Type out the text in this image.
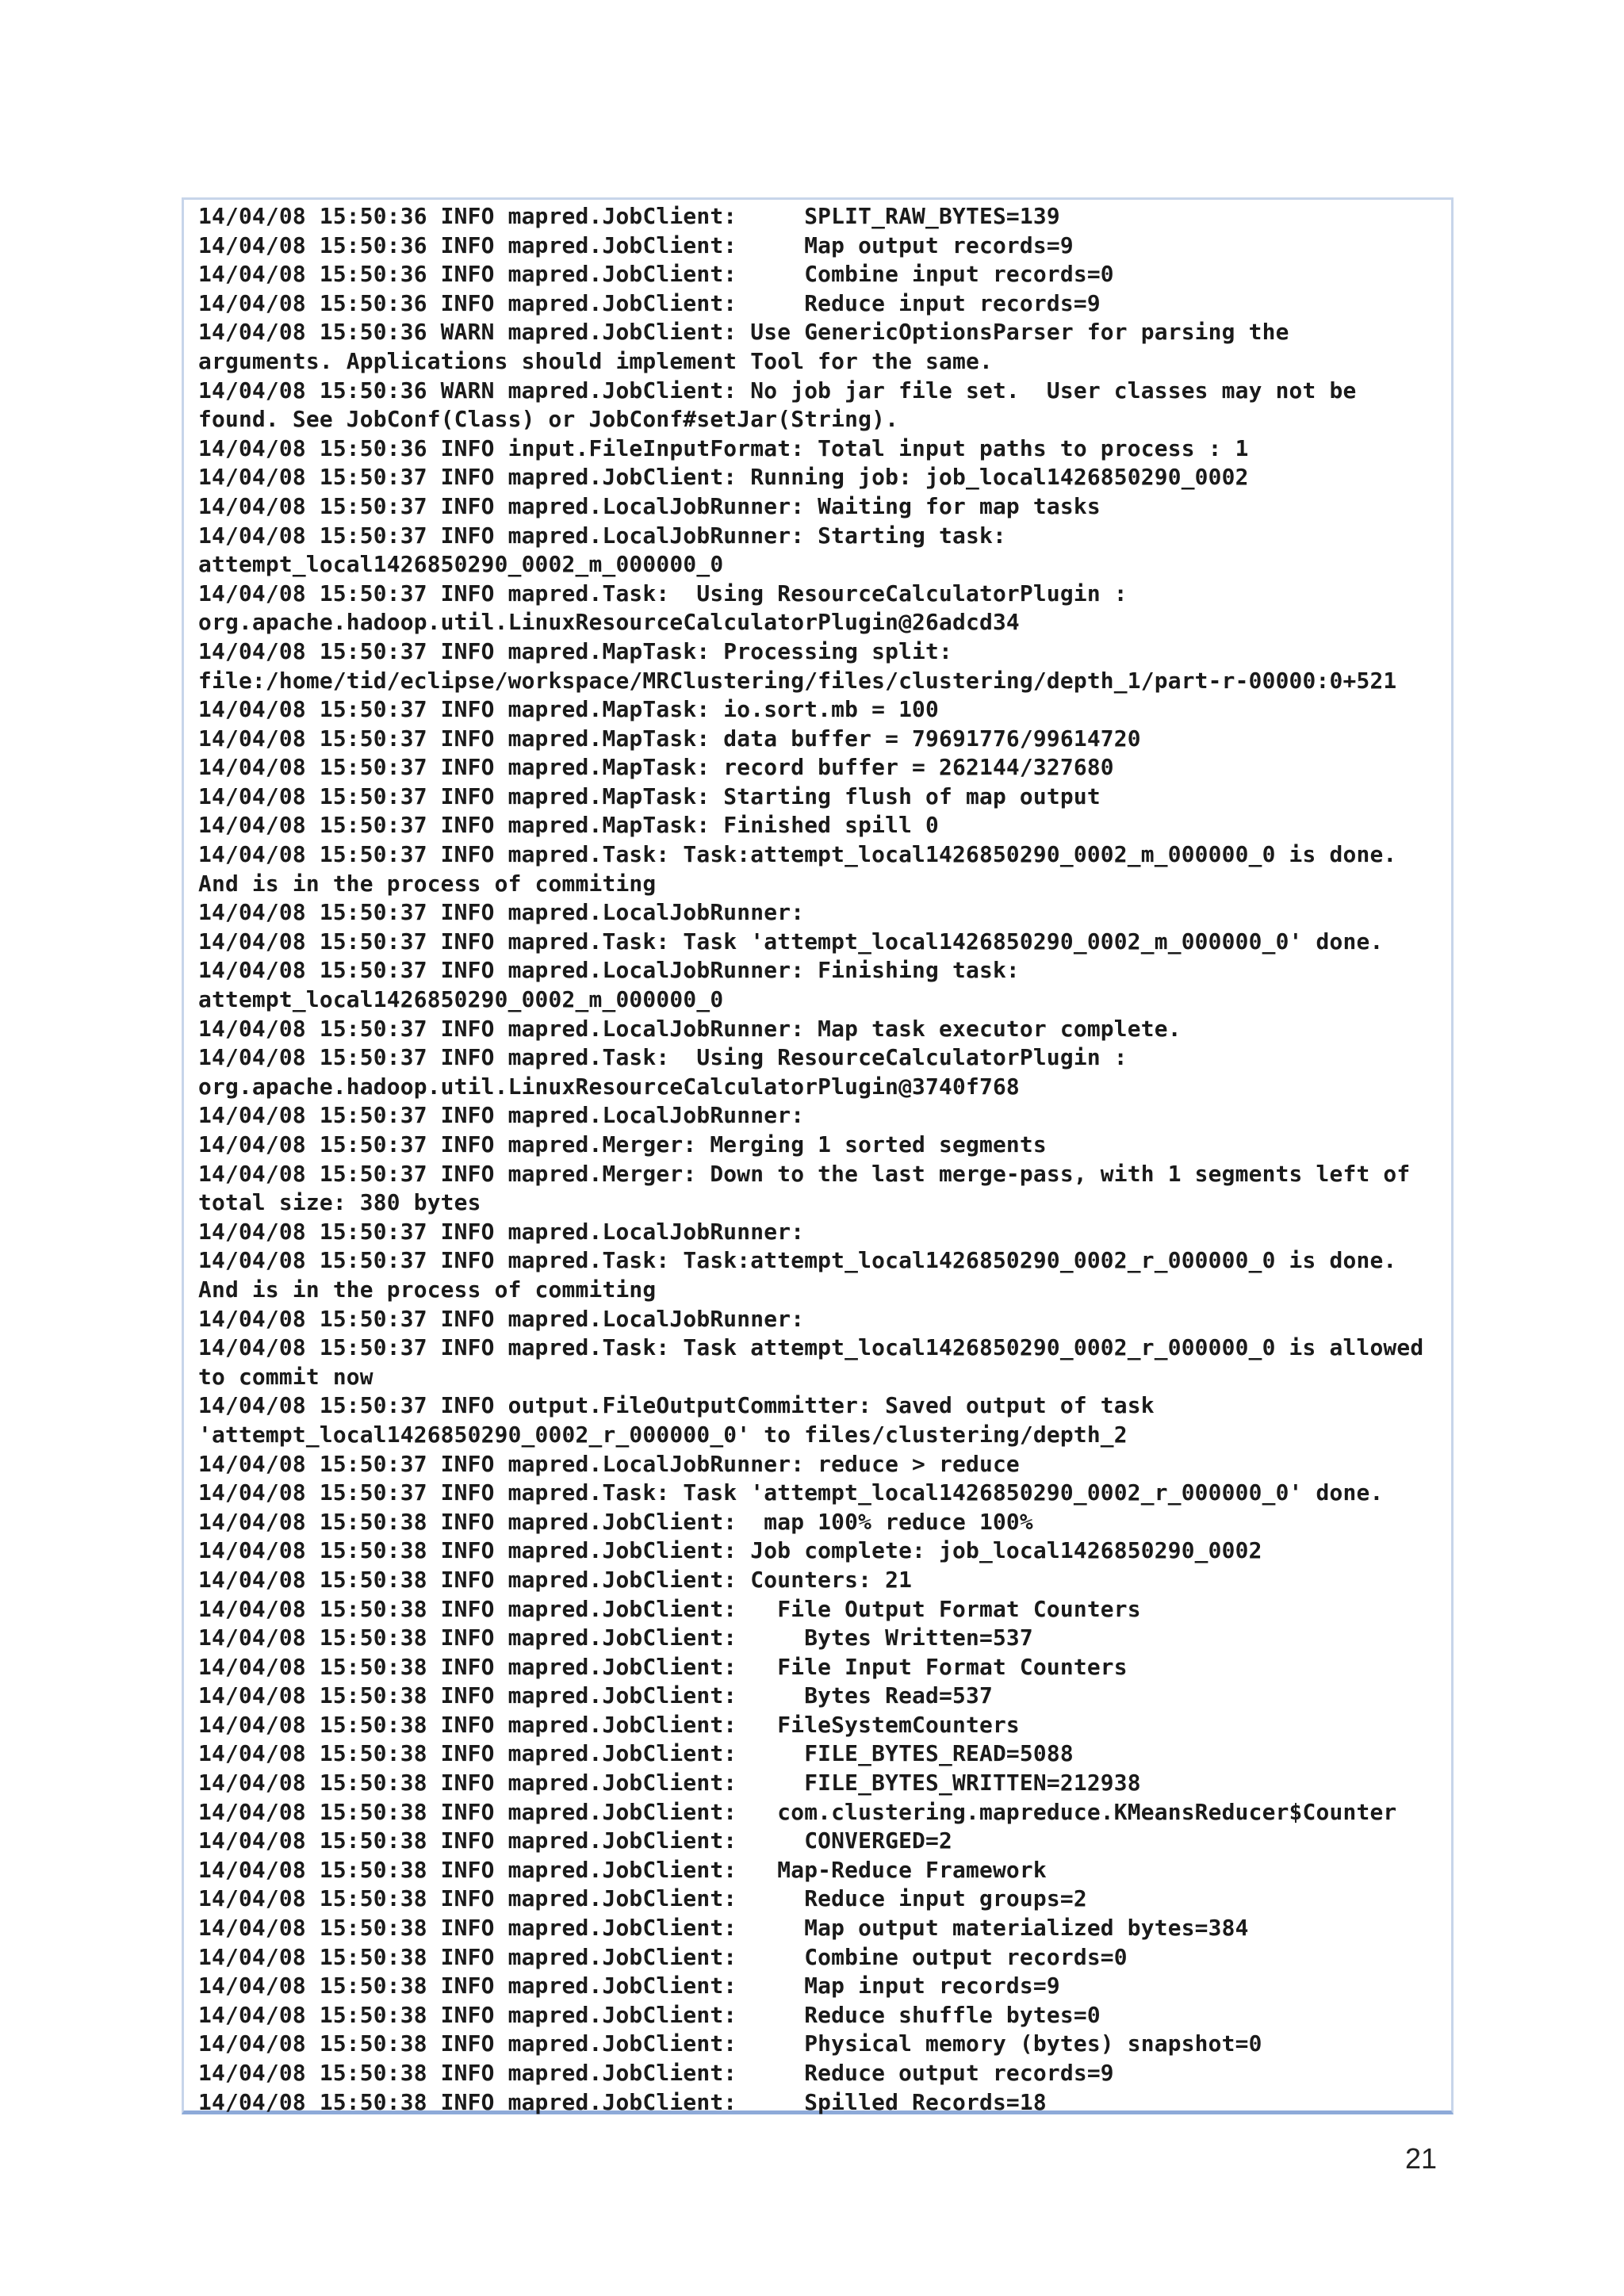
14/04/08 15:50:36 INFO mapred.JobClient:     SPLIT_RAW_BYTES=139
14/04/08 15:50:36 INFO mapred.JobClient:     Map output records=9
14/04/08 15:50:36 INFO mapred.JobClient:     Combine input records=0
14/04/08 15:50:36 INFO mapred.JobClient:     Reduce input records=9
14/04/08 15:50:36 WARN mapred.JobClient: Use GenericOptionsParser for parsing the
arguments. Applications should implement Tool for the same.
14/04/08 15:50:36 WARN mapred.JobClient: No job jar file set.  User classes may not be
found. See JobConf(Class) or JobConf#setJar(String).
14/04/08 15:50:36 INFO input.FileInputFormat: Total input paths to process : 1
14/04/08 15:50:37 INFO mapred.JobClient: Running job: job_local1426850290_0002
14/04/08 15:50:37 INFO mapred.LocalJobRunner: Waiting for map tasks
14/04/08 15:50:37 INFO mapred.LocalJobRunner: Starting task:
attempt_local1426850290_0002_m_000000_0
14/04/08 15:50:37 INFO mapred.Task:  Using ResourceCalculatorPlugin :
org.apache.hadoop.util.LinuxResourceCalculatorPlugin@26adcd34
14/04/08 15:50:37 INFO mapred.MapTask: Processing split:
file:/home/tid/eclipse/workspace/MRClustering/files/clustering/depth_1/part-r-00000:0+521
14/04/08 15:50:37 INFO mapred.MapTask: io.sort.mb = 100
14/04/08 15:50:37 INFO mapred.MapTask: data buffer = 79691776/99614720
14/04/08 15:50:37 INFO mapred.MapTask: record buffer = 262144/327680
14/04/08 15:50:37 INFO mapred.MapTask: Starting flush of map output
14/04/08 15:50:37 INFO mapred.MapTask: Finished spill 0
14/04/08 15:50:37 INFO mapred.Task: Task:attempt_local1426850290_0002_m_000000_0 is done.
And is in the process of commiting
14/04/08 15:50:37 INFO mapred.LocalJobRunner:
14/04/08 15:50:37 INFO mapred.Task: Task 'attempt_local1426850290_0002_m_000000_0' done.
14/04/08 15:50:37 INFO mapred.LocalJobRunner: Finishing task:
attempt_local1426850290_0002_m_000000_0
14/04/08 15:50:37 INFO mapred.LocalJobRunner: Map task executor complete.
14/04/08 15:50:37 INFO mapred.Task:  Using ResourceCalculatorPlugin :
org.apache.hadoop.util.LinuxResourceCalculatorPlugin@3740f768
14/04/08 15:50:37 INFO mapred.LocalJobRunner:
14/04/08 15:50:37 INFO mapred.Merger: Merging 1 sorted segments
14/04/08 15:50:37 INFO mapred.Merger: Down to the last merge-pass, with 1 segments left of
total size: 380 bytes
14/04/08 15:50:37 INFO mapred.LocalJobRunner:
14/04/08 15:50:37 INFO mapred.Task: Task:attempt_local1426850290_0002_r_000000_0 is done.
And is in the process of commiting
14/04/08 15:50:37 INFO mapred.LocalJobRunner:
14/04/08 15:50:37 INFO mapred.Task: Task attempt_local1426850290_0002_r_000000_0 is allowed
to commit now
14/04/08 15:50:37 INFO output.FileOutputCommitter: Saved output of task
'attempt_local1426850290_0002_r_000000_0' to files/clustering/depth_2
14/04/08 15:50:37 INFO mapred.LocalJobRunner: reduce > reduce
14/04/08 15:50:37 INFO mapred.Task: Task 'attempt_local1426850290_0002_r_000000_0' done.
14/04/08 15:50:38 INFO mapred.JobClient:  map 100% reduce 100%
14/04/08 15:50:38 INFO mapred.JobClient: Job complete: job_local1426850290_0002
14/04/08 15:50:38 INFO mapred.JobClient: Counters: 21
14/04/08 15:50:38 INFO mapred.JobClient:   File Output Format Counters
14/04/08 15:50:38 INFO mapred.JobClient:     Bytes Written=537
14/04/08 15:50:38 INFO mapred.JobClient:   File Input Format Counters
14/04/08 15:50:38 INFO mapred.JobClient:     Bytes Read=537
14/04/08 15:50:38 INFO mapred.JobClient:   FileSystemCounters
14/04/08 15:50:38 INFO mapred.JobClient:     FILE_BYTES_READ=5088
14/04/08 15:50:38 INFO mapred.JobClient:     FILE_BYTES_WRITTEN=212938
14/04/08 15:50:38 INFO mapred.JobClient:   com.clustering.mapreduce.KMeansReducer$Counter
14/04/08 15:50:38 INFO mapred.JobClient:     CONVERGED=2
14/04/08 15:50:38 INFO mapred.JobClient:   Map-Reduce Framework
14/04/08 15:50:38 INFO mapred.JobClient:     Reduce input groups=2
14/04/08 15:50:38 INFO mapred.JobClient:     Map output materialized bytes=384
14/04/08 15:50:38 INFO mapred.JobClient:     Combine output records=0
14/04/08 15:50:38 INFO mapred.JobClient:     Map input records=9
14/04/08 15:50:38 INFO mapred.JobClient:     Reduce shuffle bytes=0
14/04/08 15:50:38 INFO mapred.JobClient:     Physical memory (bytes) snapshot=0
14/04/08 15:50:38 INFO mapred.JobClient:     Reduce output records=9
14/04/08 15:50:38 INFO mapred.JobClient:     Spilled Records=18
21
